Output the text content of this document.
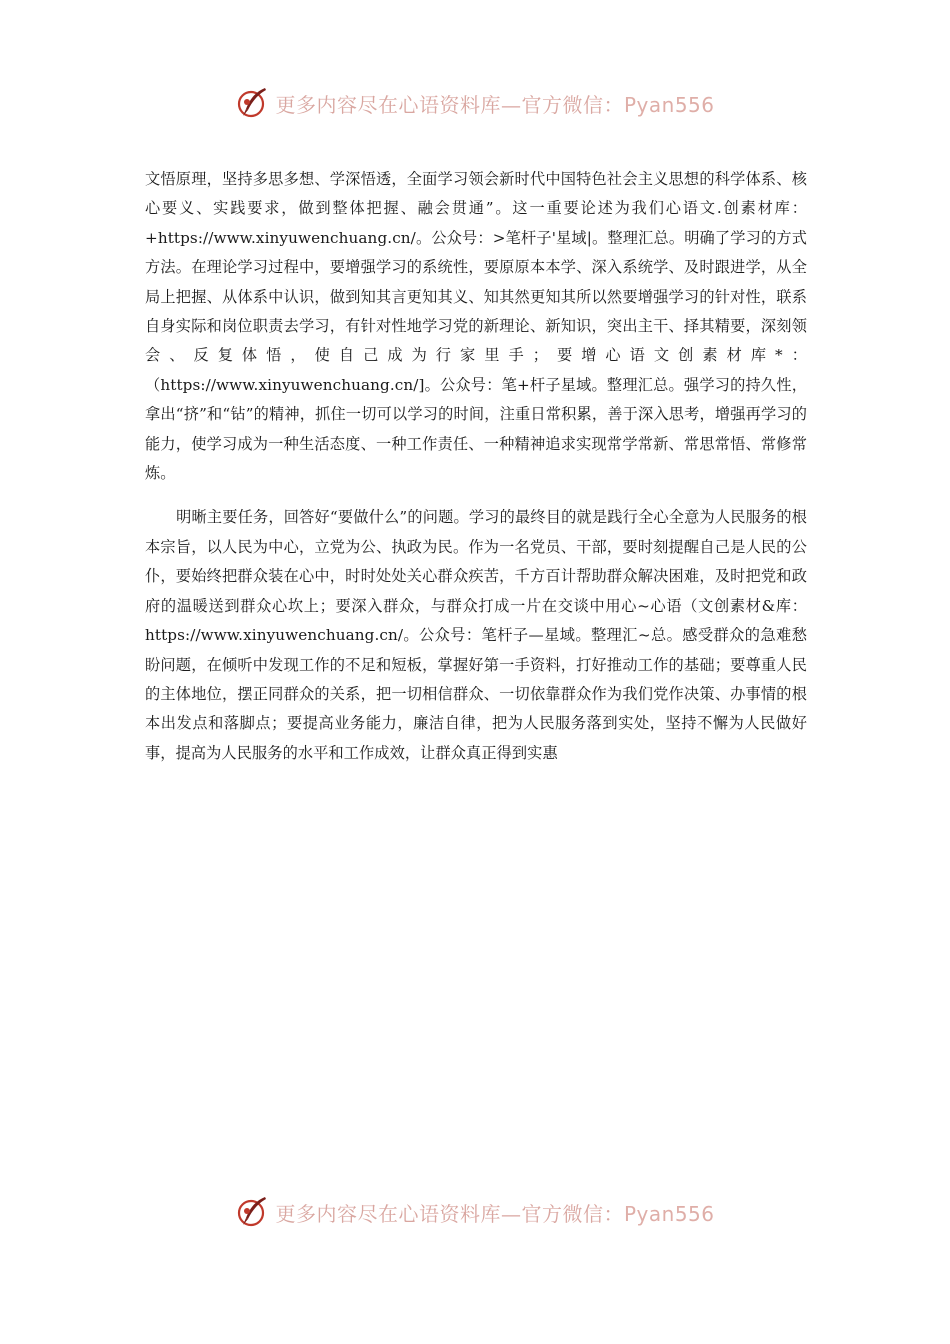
更多内容尽在心语资料库—官方微信：Pyan556

文悟原理，坚持多思多想、学深悟透，全面学习领会新时代中国特色社会主义思想的科学体系、核心要义、实践要求，做到整体把握、融会贯通”。这一重要论述为我们心语文.创素材库：+https://www.xinyuwenchuang.cn/。公众号：>笔杆子'星域|。整理汇总。明确了学习的方式方法。在理论学习过程中，要增强学习的系统性，要原原本本学、深入系统学、及时跟进学，从全局上把握、从体系中认识，做到知其言更知其义、知其然更知其所以然要增强学习的针对性，联系自身实际和岗位职责去学习，有针对性地学习党的新理论、新知识，突出主干、择其精要，深刻领会、反复体悟，使自己成为行家里手；要增心语文创素材库*：（https://www.xinyuwenchuang.cn/]。公众号：笔+杆子星域。整理汇总。强学习的持久性，拿出“挤”和“钻”的精神，抓住一切可以学习的时间，注重日常积累，善于深入思考，增强再学习的能力，使学习成为一种生活态度、一种工作责任、一种精神追求实现常学常新、常思常悟、常修常炼。

明晰主要任务，回答好“要做什么”的问题。学习的最终目的就是践行全心全意为人民服务的根本宗旨，以人民为中心，立党为公、执政为民。作为一名党员、干部，要时刻提醒自己是人民的公仆，要始终把群众装在心中，时时处处关心群众疾苦，千方百计帮助群众解决困难，及时把党和政府的温暖送到群众心坎上；要深入群众，与群众打成一片在交谈中用心~心语（文创素材&库：https://www.xinyuwenchuang.cn/。公众号：笔杆子—星域。整理汇~总。感受群众的急难愁盼问题，在倾听中发现工作的不足和短板，掌握好第一手资料，打好推动工作的基础；要尊重人民的主体地位，摆正同群众的关系，把一切相信群众、一切依靠群众作为我们党作决策、办事情的根本出发点和落脚点；要提高业务能力，廉洁自律，把为人民服务落到实处，坚持不懈为人民做好事，提高为人民服务的水平和工作成效，让群众真正得到实惠

更多内容尽在心语资料库—官方微信：Pyan556
